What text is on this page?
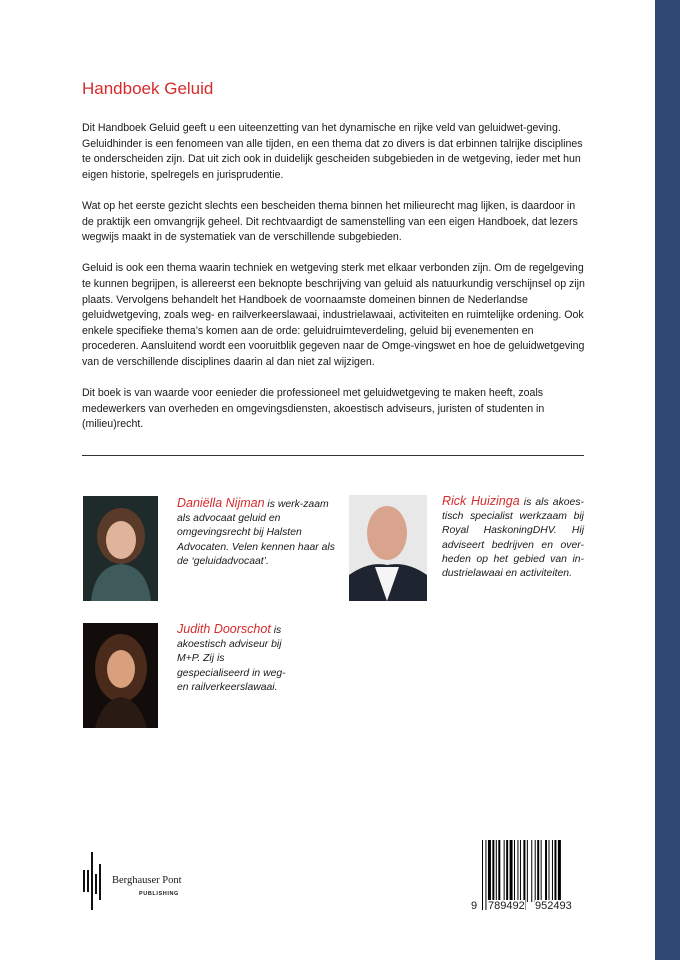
Handboek Geluid

Dit Handboek Geluid geeft u een uiteenzetting van het dynamische en rijke veld van geluidwet-geving. Geluidhinder is een fenomeen van alle tijden, en een thema dat zo divers is dat erbinnen talrijke disciplines te onderscheiden zijn. Dat uit zich ook in duidelijk gescheiden subgebieden in de wetgeving, ieder met hun eigen historie, spelregels en jurisprudentie.

Wat op het eerste gezicht slechts een bescheiden thema binnen het milieurecht mag lijken, is daardoor in de praktijk een omvangrijk geheel. Dit rechtvaardigt de samenstelling van een eigen Handboek, dat lezers wegwijs maakt in de systematiek van de verschillende subgebieden.

Geluid is ook een thema waarin techniek en wetgeving sterk met elkaar verbonden zijn. Om de regelgeving te kunnen begrijpen, is allereerst een beknopte beschrijving van geluid als natuurkundig verschijnsel op zijn plaats. Vervolgens behandelt het Handboek de voornaamste domeinen binnen de Nederlandse geluidwetgeving, zoals weg- en railverkeerslawaai, industrielawaai, activiteiten en ruimtelijke ordening. Ook enkele specifieke thema’s komen aan de orde: geluidruimteverdeling, geluid bij evenementen en procederen. Aansluitend wordt een vooruitblik gegeven naar de Omge-vingswet en hoe de geluidwetgeving van de verschillende disciplines daarin al dan niet zal wijzigen.

Dit boek is van waarde voor eenieder die professioneel met geluidwetgeving te maken heeft, zoals medewerkers van overheden en omgevingsdiensten, akoestisch adviseurs, juristen of studenten in (milieu)recht.

Daniëlla Nijman is werk-zaam als advocaat geluid en omgevingsrecht bij Halsten Advocaten. Velen kennen haar als de ‘geluidadvocaat’.
Rick Huizinga is als akoes-tisch specialist werkzaam bij Royal HaskoningDHV. Hij adviseert bedrijven en over-heden op het gebied van in-dustrielawaai en activiteiten.
Judith Doorschot is akoestisch adviseur bij M+P. Zij is gespecialiseerd in weg- en railverkeerslawaai.
Berghauser Pont
PUBLISHING
9 789492 952493
